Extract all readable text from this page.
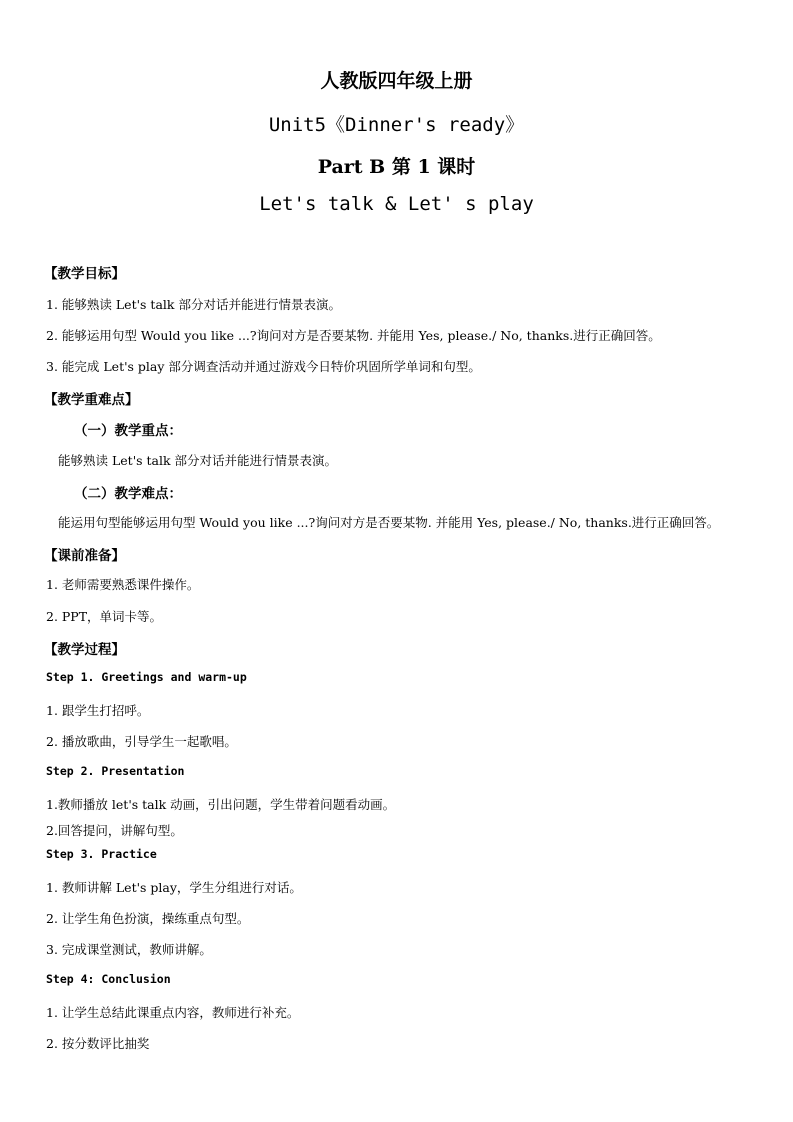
人教版四年级上册
Unit5《Dinner's ready》
Part B 第 1 课时
Let's talk & Let' s play
【教学目标】
1. 能够熟读 Let's talk 部分对话并能进行情景表演。
2. 能够运用句型 Would you like ...?询问对方是否要某物. 并能用 Yes, please./ No, thanks.进行正确回答。
3. 能完成 Let's play 部分调查活动并通过游戏今日特价巩固所学单词和句型。
【教学重难点】
（一）教学重点：
能够熟读 Let's talk 部分对话并能进行情景表演。
（二）教学难点：
能运用句型能够运用句型 Would you like ...?询问对方是否要某物. 并能用 Yes, please./ No, thanks.进行正确回答。
【课前准备】
1. 老师需要熟悉课件操作。
2. PPT，单词卡等。
【教学过程】
Step 1. Greetings and warm-up
1. 跟学生打招呼。
2. 播放歌曲，引导学生一起歌唱。
Step 2. Presentation
1.教师播放 let's talk 动画，引出问题，学生带着问题看动画。
2.回答提问，讲解句型。
Step 3. Practice
1. 教师讲解 Let's play，学生分组进行对话。
2. 让学生角色扮演，操练重点句型。
3. 完成课堂测试，教师讲解。
Step 4: Conclusion
1. 让学生总结此课重点内容，教师进行补充。
2. 按分数评比抽奖
